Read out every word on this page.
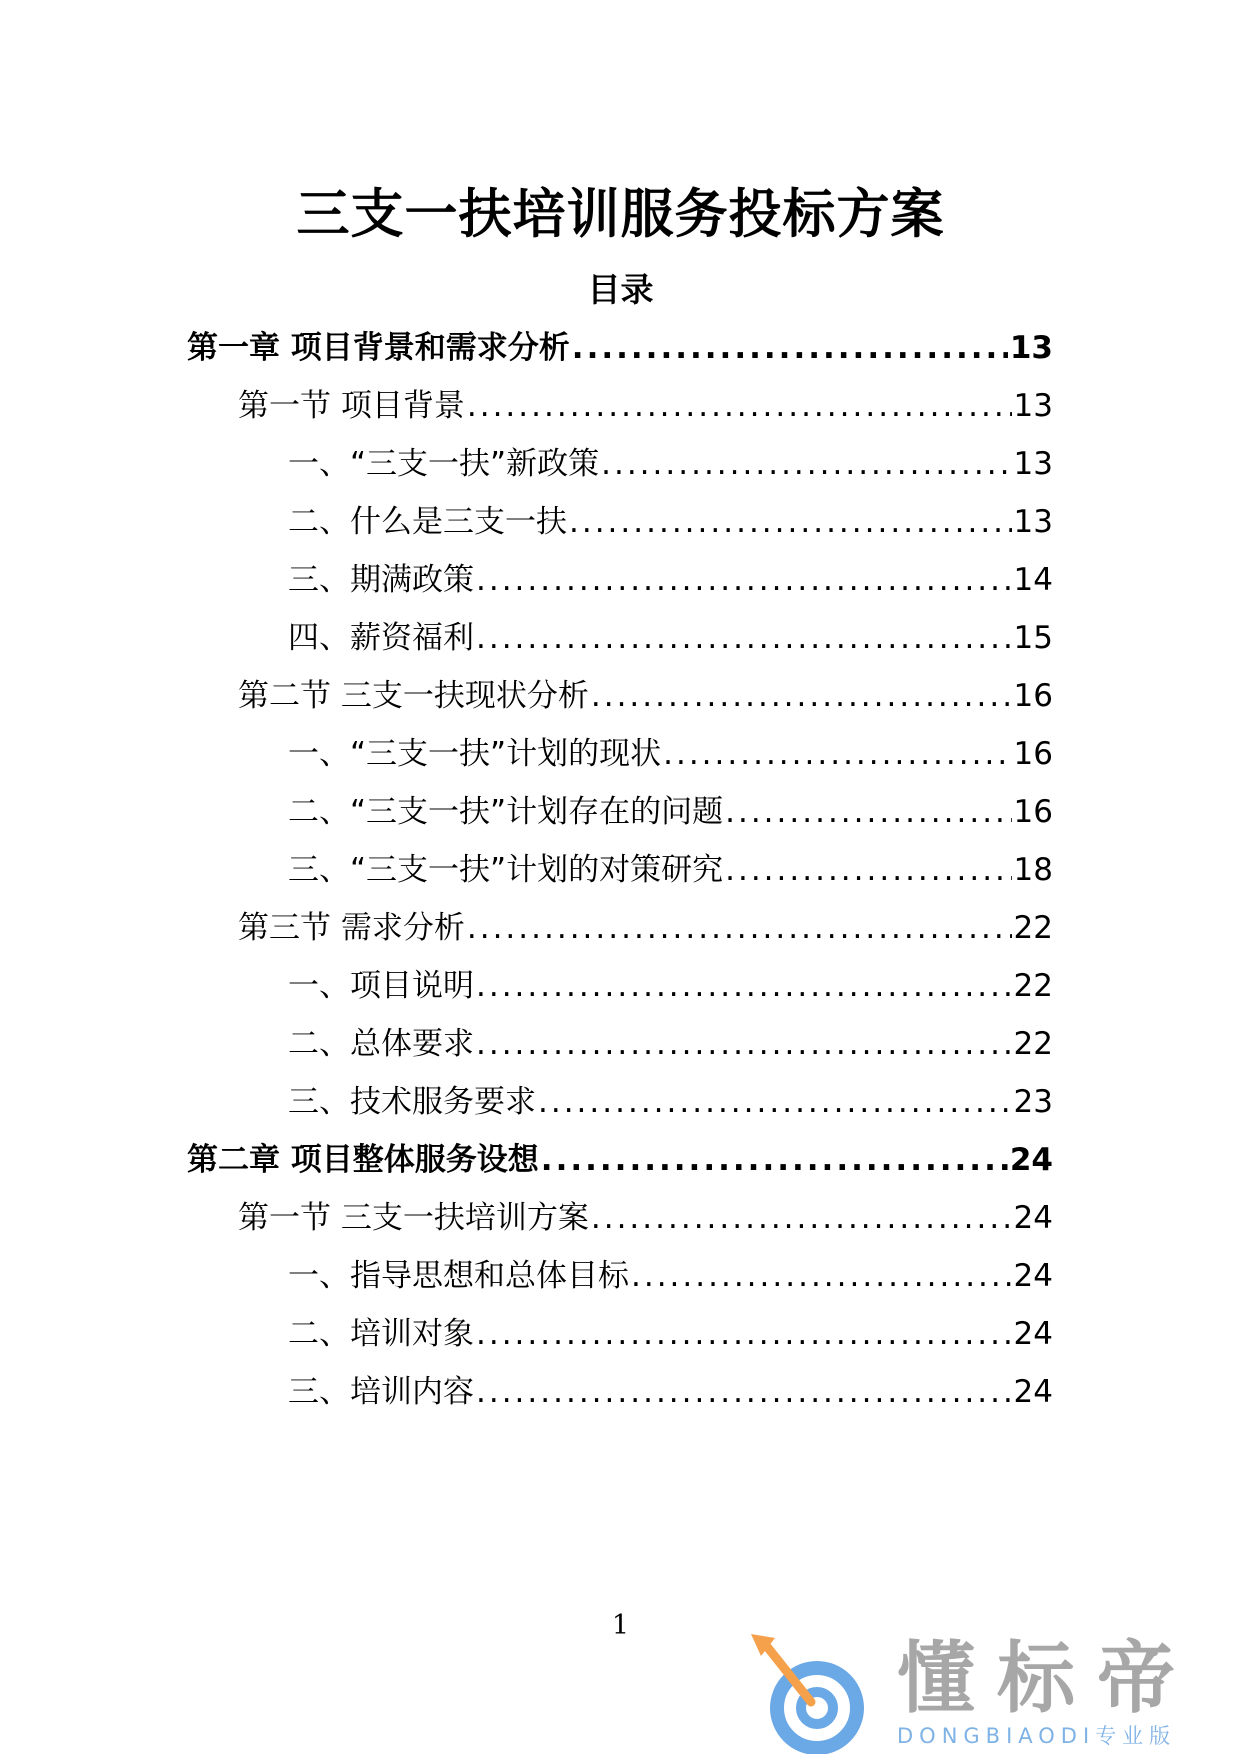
三支一扶培训服务投标方案
目录
第一章 项目背景和需求分析 .....	13
第一节 项目背景 .....	13
一、“三支一扶”新政策 .....	13
二、什么是三支一扶 .....	13
三、期满政策 .....	14
四、薪资福利 .....	15
第二节 三支一扶现状分析 .....	16
一、“三支一扶”计划的现状 .....	16
二、“三支一扶”计划存在的问题 .....	16
三、“三支一扶”计划的对策研究 .....	18
第三节 需求分析 .....	22
一、项目说明 .....	22
二、总体要求 .....	22
三、技术服务要求 .....	23
第二章 项目整体服务设想 .....	24
第一节 三支一扶培训方案 .....	24
一、指导思想和总体目标 .....	24
二、培训对象 .....	24
三、培训内容 .....	24
1
懂标帝
DONGBIAODI专业版
